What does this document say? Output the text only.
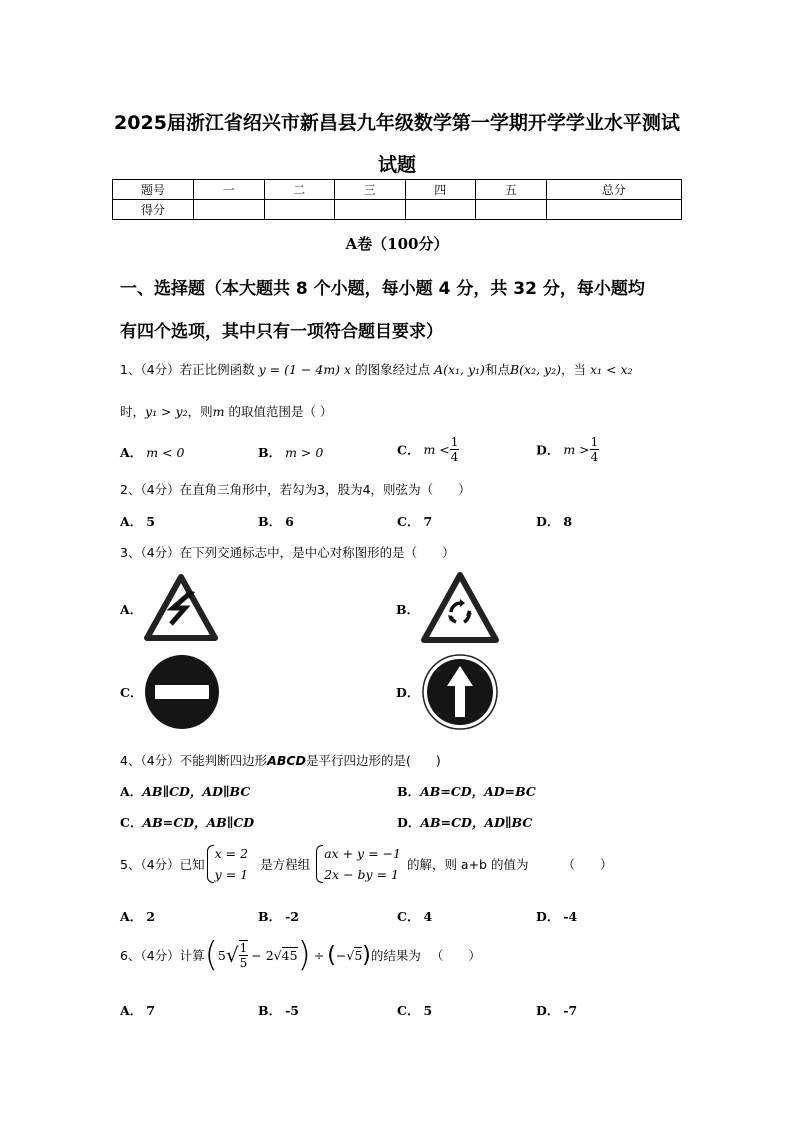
2025届浙江省绍兴市新昌县九年级数学第一学期开学学业水平测试
试题
题号	一	二	三	四	五	总分
得分						
A卷（100分）
一、选择题（本大题共 8 个小题，每小题 4 分，共 32 分，每小题均
有四个选项，其中只有一项符合题目要求）
1、（4分）若正比例函数 y = (1 − 4m) x 的图象经过点 A(x₁, y₁)和点B(x₂, y₂)，当 x₁ < x₂
时，y₁ > y₂，则m 的取值范围是（ ）
A． m < 0	B． m > 0	C． $m < \frac{1}{4}$	D． $m > \frac{1}{4}$
2、（4分）在直角三角形中，若勾为3，股为4，则弦为（　　）
A． 5	B． 6	C． 7	D． 8
3、（4分）在下列交通标志中，是中心对称图形的是（　　）
A．	B．
C．	D．
4、（4分）不能判断四边形ABCD是平行四边形的是(　　)
A．AB∥CD，AD∥BC	B．AB=CD，AD=BC
C．AB=CD，AB∥CD	D．AB=CD，AD∥BC
5、（4分）已知
x = 2
y = 1
是方程组
ax + y = −1
2x − by = 1
的解，则 a+b 的值为	（　　）
A． 2	B． -2	C． 4	D． -4
6、（4分）计算 ( 5 √ $\frac{1}{5} - 2$ √45 ) ÷ ( − √5 ) 的结果为 （　　）
A． 7	B． -5	C． 5	D． -7
